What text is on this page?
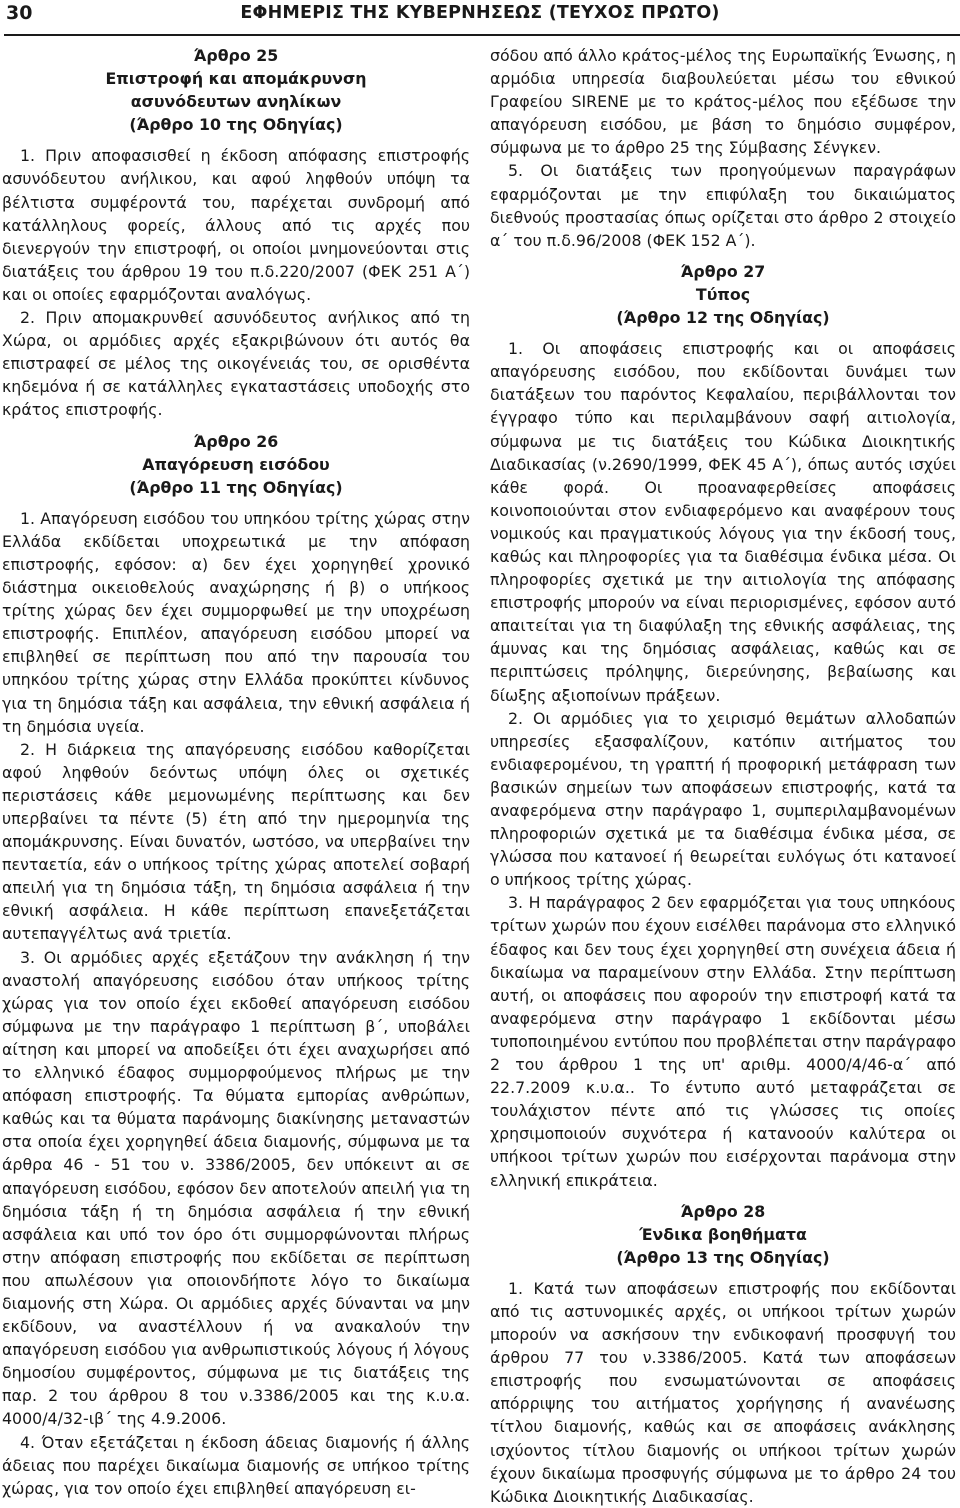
30	ΕΦΗΜΕΡΙΣ ΤΗΣ ΚΥΒΕΡΝΗΣΕΩΣ (ΤΕΥΧΟΣ ΠΡΩΤΟ)
Άρθρο 25
Επιστροφή και απομάκρυνση ασυνόδευτων ανηλίκων
(Άρθρο 10 της Οδηγίας)

1. Πριν αποφασισθεί η έκδοση απόφασης επιστροφής ασυνόδευτου ανήλικου, και αφού ληφθούν υπόψη τα βέλτιστα συμφέροντά του, παρέχεται συνδρομή από κατάλληλους φορείς, άλλους από τις αρχές που διενεργούν την επιστροφή, οι οποίοι μνημονεύονται στις διατάξεις του άρθρου 19 του π.δ.220/2007 (ΦΕΚ 251 Α΄) και οι οποίες εφαρμόζονται αναλόγως.

2. Πριν απομακρυνθεί ασυνόδευτος ανήλικος από τη Χώρα, οι αρμόδιες αρχές εξακριβώνουν ότι αυτός θα επιστραφεί σε μέλος της οικογένειάς του, σε ορισθέντα κηδεμόνα ή σε κατάλληλες εγκαταστάσεις υποδοχής στο κράτος επιστροφής.

Άρθρο 26
Απαγόρευση εισόδου
(Άρθρο 11 της Οδηγίας)

1. Απαγόρευση εισόδου του υπηκόου τρίτης χώρας στην Ελλάδα εκδίδεται υποχρεωτικά με την απόφαση επιστροφής, εφόσον: α) δεν έχει χορηγηθεί χρονικό διάστημα οικειοθελούς αναχώρησης ή β) ο υπήκοος τρίτης χώρας δεν έχει συμμορφωθεί με την υποχρέωση επιστροφής. Επιπλέον, απαγόρευση εισόδου μπορεί να επιβληθεί σε περίπτωση που από την παρουσία του υπηκόου τρίτης χώρας στην Ελλάδα προκύπτει κίνδυνος για τη δημόσια τάξη και ασφάλεια, την εθνική ασφάλεια ή τη δημόσια υγεία.

2. Η διάρκεια της απαγόρευσης εισόδου καθορίζεται αφού ληφθούν δεόντως υπόψη όλες οι σχετικές περιστάσεις κάθε μεμονωμένης περίπτωσης και δεν υπερβαίνει τα πέντε (5) έτη από την ημερομηνία της απομάκρυνσης. Είναι δυνατόν, ωστόσο, να υπερβαίνει την πενταετία, εάν ο υπήκοος τρίτης χώρας αποτελεί σοβαρή απειλή για τη δημόσια τάξη, τη δημόσια ασφάλεια ή την εθνική ασφάλεια. Η κάθε περίπτωση επανεξετάζεται αυτεπαγγέλτως ανά τριετία.

3. Οι αρμόδιες αρχές εξετάζουν την ανάκληση ή την αναστολή απαγόρευσης εισόδου όταν υπήκοος τρίτης χώρας για τον οποίο έχει εκδοθεί απαγόρευση εισόδου σύμφωνα με την παράγραφο 1 περίπτωση β΄, υποβάλει αίτηση και μπορεί να αποδείξει ότι έχει αναχωρήσει από το ελληνικό έδαφος συμμορφούμενος πλήρως με την απόφαση επιστροφής. Τα θύματα εμπορίας ανθρώπων, καθώς και τα θύματα παράνομης διακίνησης μεταναστών στα οποία έχει χορηγηθεί άδεια διαμονής, σύμφωνα με τα άρθρα 46 - 51 του ν. 3386/2005, δεν υπόκειντ αι σε απαγόρευση εισόδου, εφόσον δεν αποτελούν απειλή για τη δημόσια τάξη ή τη δημόσια ασφάλεια ή την εθνική ασφάλεια και υπό τον όρο ότι συμμορφώνονται πλήρως στην απόφαση επιστροφής που εκδίδεται σε περίπτωση που απωλέσουν για οποιονδήποτε λόγο το δικαίωμα διαμονής στη Χώρα. Οι αρμόδιες αρχές δύνανται να μην εκδίδουν, να αναστέλλουν ή να ανακαλούν την απαγόρευση εισόδου για ανθρωπιστικούς λόγους ή λόγους δημοσίου συμφέροντος, σύμφωνα με τις διατάξεις της παρ. 2 του άρθρου 8 του ν.3386/2005 και της κ.υ.α. 4000/4/32-ιβ΄ της 4.9.2006.

4. Όταν εξετάζεται η έκδοση άδειας διαμονής ή άλλης άδειας που παρέχει δικαίωμα διαμονής σε υπήκοο τρίτης χώρας, για τον οποίο έχει επιβληθεί απαγόρευση ει-

σόδου από άλλο κράτος-μέλος της Ευρωπαϊκής Ένωσης, η αρμόδια υπηρεσία διαβουλεύεται μέσω του εθνικού Γραφείου SIRENE με το κράτος-μέλος που εξέδωσε την απαγόρευση εισόδου, με βάση το δημόσιο συμφέρον, σύμφωνα με το άρθρο 25 της Σύμβασης Σένγκεν.

5. Οι διατάξεις των προηγούμενων παραγράφων εφαρμόζονται με την επιφύλαξη του δικαιώματος διεθνούς προστασίας όπως ορίζεται στο άρθρο 2 στοιχείο α΄ του π.δ.96/2008 (ΦΕΚ 152 Α΄).

Άρθρο 27
Τύπος
(Άρθρο 12 της Οδηγίας)

1. Οι αποφάσεις επιστροφής και οι αποφάσεις απαγόρευσης εισόδου, που εκδίδονται δυνάμει των διατάξεων του παρόντος Κεφαλαίου, περιβάλλονται τον έγγραφο τύπο και περιλαμβάνουν σαφή αιτιολογία, σύμφωνα με τις διατάξεις του Κώδικα Διοικητικής Διαδικασίας (ν.2690/1999, ΦΕΚ 45 Α΄), όπως αυτός ισχύει κάθε φορά. Οι προαναφερθείσες αποφάσεις κοινοποιούνται στον ενδιαφερόμενο και αναφέρουν τους νομικούς και πραγματικούς λόγους για την έκδοσή τους, καθώς και πληροφορίες για τα διαθέσιμα ένδικα μέσα. Οι πληροφορίες σχετικά με την αιτιολογία της απόφασης επιστροφής μπορούν να είναι περιορισμένες, εφόσον αυτό απαιτείται για τη διαφύλαξη της εθνικής ασφάλειας, της άμυνας και της δημόσιας ασφάλειας, καθώς και σε περιπτώσεις πρόληψης, διερεύνησης, βεβαίωσης και δίωξης αξιοποίνων πράξεων.

2. Οι αρμόδιες για το χειρισμό θεμάτων αλλοδαπών υπηρεσίες εξασφαλίζουν, κατόπιν αιτήματος του ενδιαφερομένου, τη γραπτή ή προφορική μετάφραση των βασικών σημείων των αποφάσεων επιστροφής, κατά τα αναφερόμενα στην παράγραφο 1, συμπεριλαμβανομένων πληροφοριών σχετικά με τα διαθέσιμα ένδικα μέσα, σε γλώσσα που κατανοεί ή θεωρείται ευλόγως ότι κατανοεί ο υπήκοος τρίτης χώρας.

3. Η παράγραφος 2 δεν εφαρμόζεται για τους υπηκόους τρίτων χωρών που έχουν εισέλθει παράνομα στο ελληνικό έδαφος και δεν τους έχει χορηγηθεί στη συνέχεια άδεια ή δικαίωμα να παραμείνουν στην Ελλάδα. Στην περίπτωση αυτή, οι αποφάσεις που αφορούν την επιστροφή κατά τα αναφερόμενα στην παράγραφο 1 εκδίδονται μέσω τυποποιημένου εντύπου που προβλέπεται στην παράγραφο 2 του άρθρου 1 της υπ' αριθμ. 4000/4/46-α΄ από 22.7.2009 κ.υ.α.. Το έντυπο αυτό μεταφράζεται σε τουλάχιστον πέντε από τις γλώσσες τις οποίες χρησιμοποιούν συχνότερα ή κατανοούν καλύτερα οι υπήκοοι τρίτων χωρών που εισέρχονται παράνομα στην ελληνική επικράτεια.

Άρθρο 28
Ένδικα βοηθήματα
(Άρθρο 13 της Οδηγίας)

1. Κατά των αποφάσεων επιστροφής που εκδίδονται από τις αστυνομικές αρχές, οι υπήκοοι τρίτων χωρών μπορούν να ασκήσουν την ενδικοφανή προσφυγή του άρθρου 77 του ν.3386/2005. Κατά των αποφάσεων επιστροφής που ενσωματώνονται σε αποφάσεις απόρριψης του αιτήματος χορήγησης ή ανανέωσης τίτλου διαμονής, καθώς και σε αποφάσεις ανάκλησης ισχύοντος τίτλου διαμονής οι υπήκοοι τρίτων χωρών έχουν δικαίωμα προσφυγής σύμφωνα με το άρθρο 24 του Κώδικα Διοικητικής Διαδικασίας.
